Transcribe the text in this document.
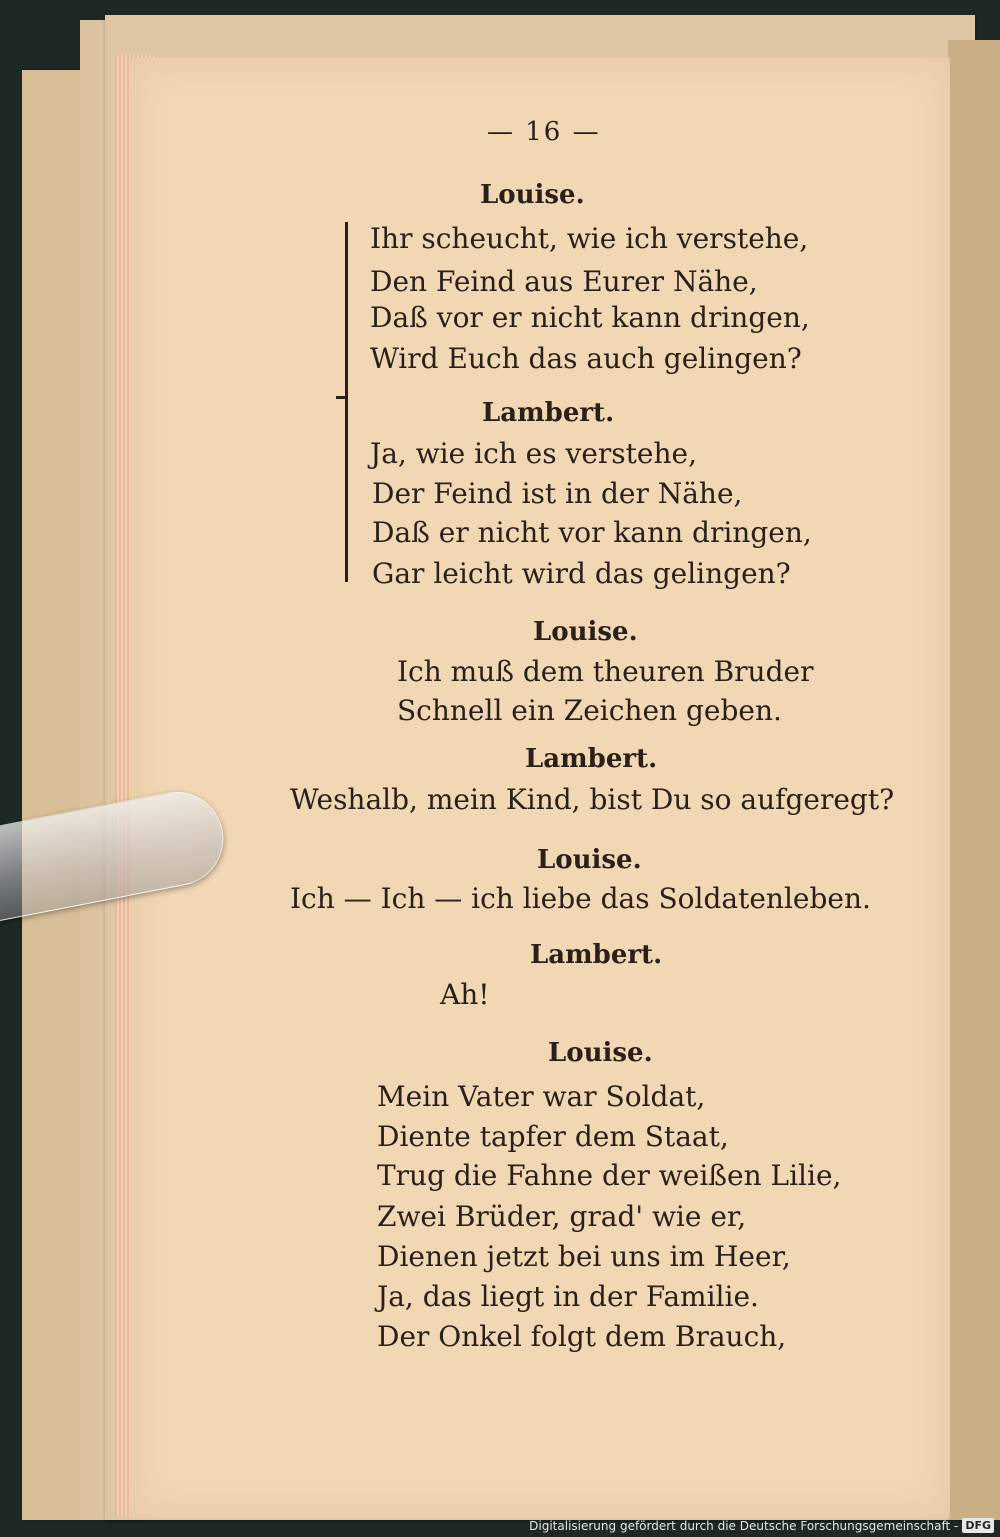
— 16 —
Louise.
Ihr scheucht, wie ich verstehe,
Den Feind aus Eurer Nähe,
Daß vor er nicht kann dringen,
Wird Euch das auch gelingen?
Lambert.
Ja, wie ich es verstehe,
Der Feind ist in der Nähe,
Daß er nicht vor kann dringen,
Gar leicht wird das gelingen?
Louise.
Ich muß dem theuren Bruder
Schnell ein Zeichen geben.
Lambert.
Weshalb, mein Kind, bist Du so aufgeregt?
Louise.
Ich — Ich — ich liebe das Soldatenleben.
Lambert.
Ah!
Louise.
Mein Vater war Soldat,
Diente tapfer dem Staat,
Trug die Fahne der weißen Lilie,
Zwei Brüder, grad' wie er,
Dienen jetzt bei uns im Heer,
Ja, das liegt in der Familie.
Der Onkel folgt dem Brauch,
Digitalisierung gefördert durch die Deutsche Forschungsgemeinschaft - DFG
